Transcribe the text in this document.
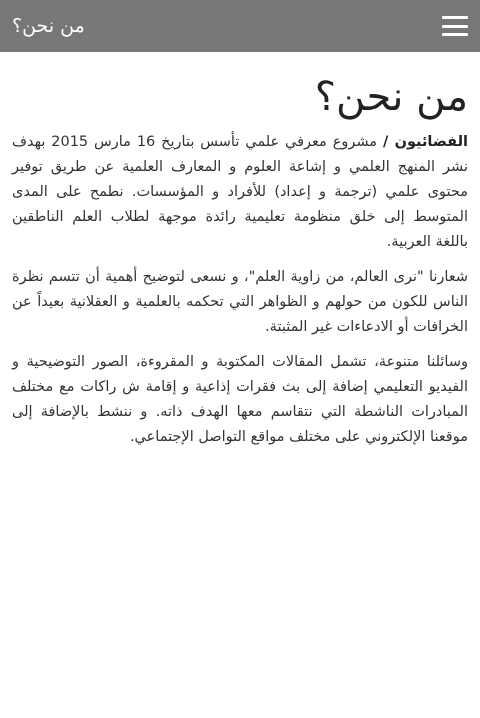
من نحن؟
من نحن؟

الفضائيون / مشروع معرفي علمي تأسس بتاريخ 16 مارس 2015 بهدف نشر المنهج العلمي و إشاعة العلوم و المعارف العلمية عن طريق توفير محتوى علمي (ترجمة و إعداد) للأفراد و المؤسسات. نطمح على المدى المتوسط إلى خلق منظومة تعليمية رائدة موجهة لطلاب العلم الناطقين باللغة العربية.

شعارنا "نرى العالم، من زاوية العلم"، و نسعى لتوضيح أهمية أن تتسم نظرة الناس للكون من حولهم و الظواهر التي تحكمه بالعلمية و العقلانية بعيداً عن الخرافات أو الادعاءات غير المثبتة.

وسائلنا متنوعة، تشمل المقالات المكتوبة و المقروءة، الصور التوضيحية و الفيديو التعليمي إضافة إلى بث فقرات إذاعية و إقامة ش راكات مع مختلف المبادرات الناشطة التي نتقاسم معها الهدف ذاته. و ننشط بالإضافة إلى موقعنا الإلكتروني على مختلف مواقع التواصل الإجتماعي.
